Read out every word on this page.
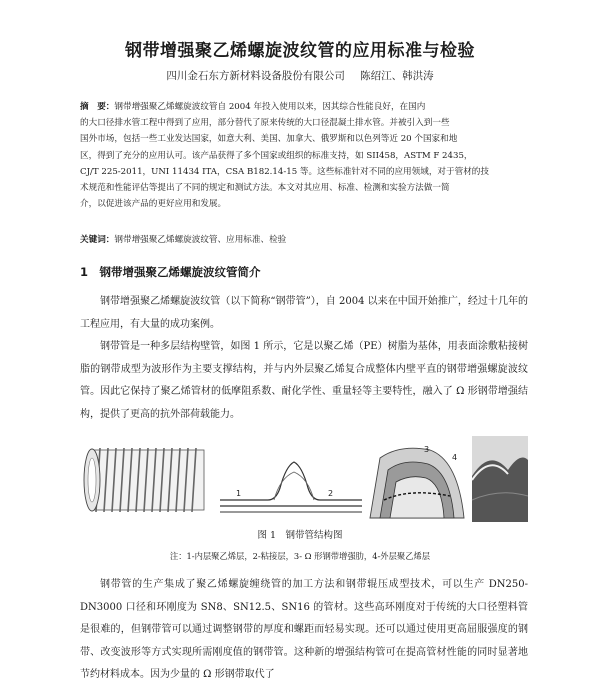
钢带增强聚乙烯螺旋波纹管的应用标准与检验
四川金石东方新材料设备股份有限公司 陈绍江、韩洪涛
摘　要：钢带增强聚乙烯螺旋波纹管自 2004 年投入使用以来，因其综合性能良好，在国内
的大口径排水管工程中得到了应用，部分替代了原来传统的大口径混凝土排水管。并被引入到一些
国外市场，包括一些工业发达国家，如意大利、美国、加拿大、俄罗斯和以色列等近 20 个国家和地
区，得到了充分的应用认可。该产品获得了多个国家或组织的标准支持，如 SII458，ASTM F 2435，
CJ/T 225-2011，UNI 11434 ITA，CSA B182.14-15 等。这些标准针对不同的应用领域，对于管材的技
术规范和性能评估等提出了不同的规定和测试方法。本文对其应用、标准、检测和实验方法做一简
介，以促进该产品的更好应用和发展。
关键词：钢带增强聚乙烯螺旋波纹管、应用标准、检验
1　钢带增强聚乙烯螺旋波纹管简介
钢带增强聚乙烯螺旋波纹管（以下简称“钢带管”），自 2004 以来在中国开始推广，经过十几年的工程应用，有大量的成功案例。
钢带管是一种多层结构壁管，如图 1 所示，它是以聚乙烯（PE）树脂为基体，用表面涂敷粘接树脂的钢带成型为波形作为主要支撑结构，并与内外层聚乙烯复合成整体内壁平直的钢带增强螺旋波纹管。因此它保持了聚乙烯管材的低摩阻系数、耐化学性、重量轻等主要特性，融入了 Ω 形钢带增强结构，提供了更高的抗外部荷载能力。
1	2
3
4
图 1　钢带管结构图
注：1-内层聚乙烯层，2-粘接层，3- Ω 形钢带增强肋，4-外层聚乙烯层
钢带管的生产集成了聚乙烯螺旋缠绕管的加工方法和钢带辊压成型技术，可以生产 DN250-DN3000 口径和环刚度为 SN8、SN12.5、SN16 的管材。这些高环刚度对于传统的大口径塑料管是很难的，但钢带管可以通过调整钢带的厚度和螺距而轻易实现。还可以通过使用更高屈服强度的钢带、改变波形等方式实现所需刚度值的钢带管。这种新的增强结构管可在提高管材性能的同时显著地节约材料成本。因为少量的 Ω 形钢带取代了
